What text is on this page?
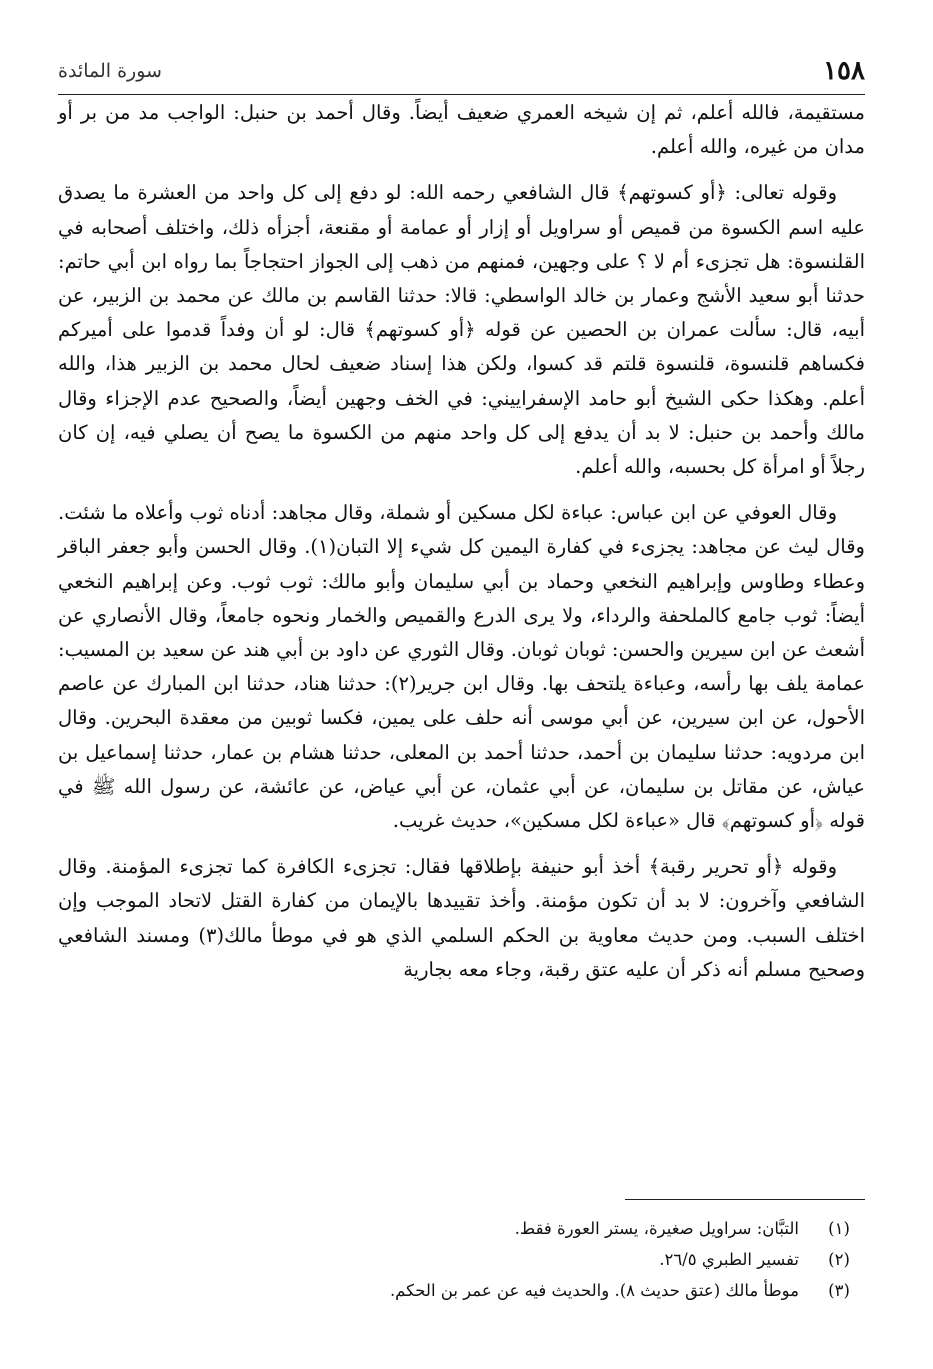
١٥٨
سورة المائدة

مستقيمة، فالله أعلم، ثم إن شيخه العمري ضعيف أيضاً. وقال أحمد بن حنبل: الواجب مد من بر أو مدان من غيره، والله أعلم.

وقوله تعالى: ﴿أو كسوتهم﴾ قال الشافعي رحمه الله: لو دفع إلى كل واحد من العشرة ما يصدق عليه اسم الكسوة من قميص أو سراويل أو إزار أو عمامة أو مقنعة، أجزأه ذلك، واختلف أصحابه في القلنسوة: هل تجزىء أم لا ؟ على وجهين، فمنهم من ذهب إلى الجواز احتجاجاً بما رواه ابن أبي حاتم: حدثنا أبو سعيد الأشج وعمار بن خالد الواسطي: قالا: حدثنا القاسم بن مالك عن محمد بن الزبير، عن أبيه، قال: سألت عمران بن الحصين عن قوله ﴿أو كسوتهم﴾ قال: لو أن وفداً قدموا على أميركم فكساهم قلنسوة، قلنسوة قلتم قد كسوا، ولكن هذا إسناد ضعيف لحال محمد بن الزبير هذا، والله أعلم. وهكذا حكى الشيخ أبو حامد الإسفراييني: في الخف وجهين أيضاً، والصحيح عدم الإجزاء وقال مالك وأحمد بن حنبل: لا بد أن يدفع إلى كل واحد منهم من الكسوة ما يصح أن يصلي فيه، إن كان رجلاً أو امرأة كل بحسبه، والله أعلم.

وقال العوفي عن ابن عباس: عباءة لكل مسكين أو شملة، وقال مجاهد: أدناه ثوب وأعلاه ما شئت. وقال ليث عن مجاهد: يجزىء في كفارة اليمين كل شيء إلا التبان(١). وقال الحسن وأبو جعفر الباقر وعطاء وطاوس وإبراهيم النخعي وحماد بن أبي سليمان وأبو مالك: ثوب ثوب. وعن إبراهيم النخعي أيضاً: ثوب جامع كالملحفة والرداء، ولا يرى الدرع والقميص والخمار ونحوه جامعاً، وقال الأنصاري عن أشعث عن ابن سيرين والحسن: ثوبان ثوبان. وقال الثوري عن داود بن أبي هند عن سعيد بن المسيب: عمامة يلف بها رأسه، وعباءة يلتحف بها. وقال ابن جرير(٢): حدثنا هناد، حدثنا ابن المبارك عن عاصم الأحول، عن ابن سيرين، عن أبي موسى أنه حلف على يمين، فكسا ثوبين من معقدة البحرين. وقال ابن مردويه: حدثنا سليمان بن أحمد، حدثنا أحمد بن المعلى، حدثنا هشام بن عمار، حدثنا إسماعيل بن عياش، عن مقاتل بن سليمان، عن أبي عثمان، عن أبي عياض، عن عائشة، عن رسول الله ﷺ في قوله ﴿أو كسوتهم﴾ قال «عباءة لكل مسكين»، حديث غريب.

وقوله ﴿أو تحرير رقبة﴾ أخذ أبو حنيفة بإطلاقها فقال: تجزىء الكافرة كما تجزىء المؤمنة. وقال الشافعي وآخرون: لا بد أن تكون مؤمنة. وأخذ تقييدها بالإيمان من كفارة القتل لاتحاد الموجب وإن اختلف السبب. ومن حديث معاوية بن الحكم السلمي الذي هو في موطأ مالك(٣) ومسند الشافعي وصحيح مسلم أنه ذكر أن عليه عتق رقبة، وجاء معه بجارية

(١)
التبَّان: سراويل صغيرة، يستر العورة فقط.
(٢)
تفسير الطبري ٢٦/٥.
(٣)
موطأ مالك (عتق حديث ٨). والحديث فيه عن عمر بن الحكم.
